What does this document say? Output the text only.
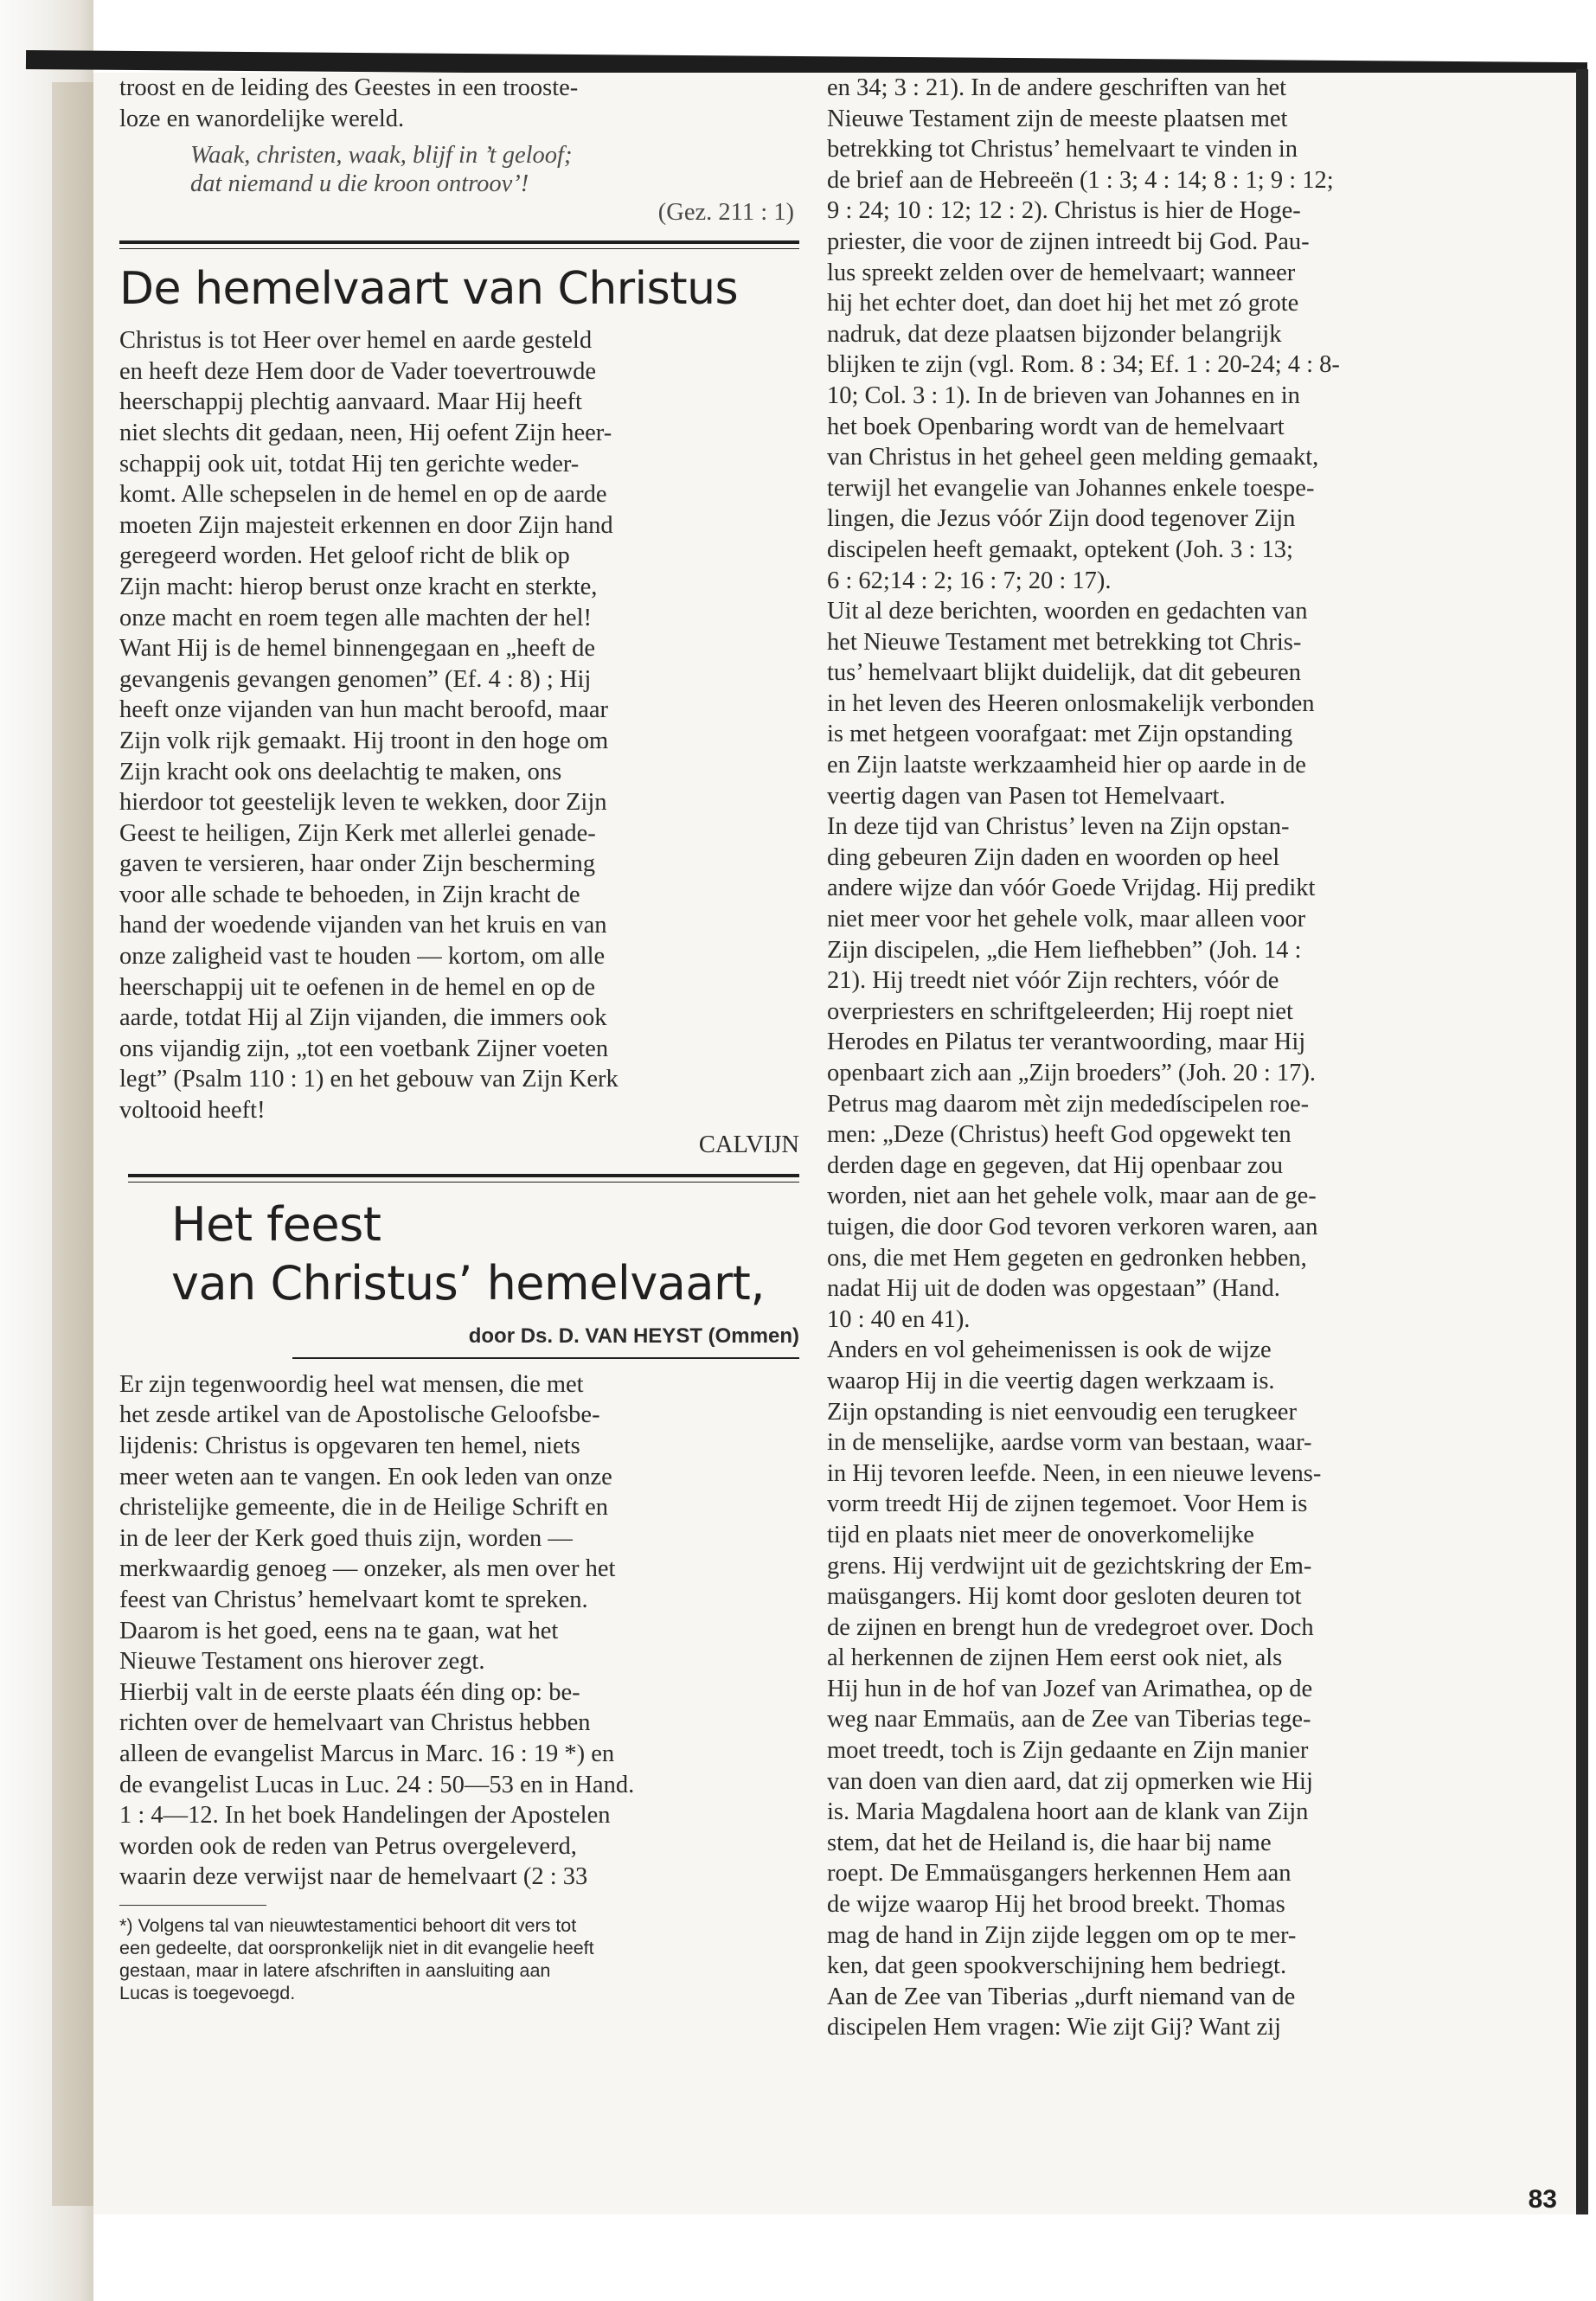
troost en de leiding des Geestes in een trooste-
loze en wanordelijke wereld.
Waak, christen, waak, blijf in ’t geloof;
dat niemand u die kroon ontroov’!

(Gez. 211 : 1)

De hemelvaart van Christus

Christus is tot Heer over hemel en aarde gesteld
en heeft deze Hem door de Vader toevertrouwde
heerschappij plechtig aanvaard. Maar Hij heeft
niet slechts dit gedaan, neen, Hij oefent Zijn heer-
schappij ook uit, totdat Hij ten gerichte weder-
komt. Alle schepselen in de hemel en op de aarde
moeten Zijn majesteit erkennen en door Zijn hand
geregeerd worden. Het geloof richt de blik op
Zijn macht: hierop berust onze kracht en sterkte,
onze macht en roem tegen alle machten der hel!
Want Hij is de hemel binnengegaan en „heeft de
gevangenis gevangen genomen” (Ef. 4 : 8) ; Hij
heeft onze vijanden van hun macht beroofd, maar
Zijn volk rijk gemaakt. Hij troont in den hoge om
Zijn kracht ook ons deelachtig te maken, ons
hierdoor tot geestelijk leven te wekken, door Zijn
Geest te heiligen, Zijn Kerk met allerlei genade-
gaven te versieren, haar onder Zijn bescherming
voor alle schade te behoeden, in Zijn kracht de
hand der woedende vijanden van het kruis en van
onze zaligheid vast te houden — kortom, om alle
heerschappij uit te oefenen in de hemel en op de
aarde, totdat Hij al Zijn vijanden, die immers ook
ons vijandig zijn, „tot een voetbank Zijner voeten
legt” (Psalm 110 : 1) en het gebouw van Zijn Kerk
voltooid heeft!

CALVIJN

Het feest

van Christus’ hemelvaart,

door Ds. D. VAN HEYST (Ommen)

Er zijn tegenwoordig heel wat mensen, die met
het zesde artikel van de Apostolische Geloofsbe-
lijdenis: Christus is opgevaren ten hemel, niets
meer weten aan te vangen. En ook leden van onze
christelijke gemeente, die in de Heilige Schrift en
in de leer der Kerk goed thuis zijn, worden —
merkwaardig genoeg — onzeker, als men over het
feest van Christus’ hemelvaart komt te spreken.
Daarom is het goed, eens na te gaan, wat het
Nieuwe Testament ons hierover zegt.
Hierbij valt in de eerste plaats één ding op: be-
richten over de hemelvaart van Christus hebben
alleen de evangelist Marcus in Marc. 16 : 19 *) en
de evangelist Lucas in Luc. 24 : 50—53 en in Hand.
1 : 4—12. In het boek Handelingen der Apostelen
worden ook de reden van Petrus overgeleverd,
waarin deze verwijst naar de hemelvaart (2 : 33
*) Volgens tal van nieuwtestamentici behoort dit vers tot
een gedeelte, dat oorspronkelijk niet in dit evangelie heeft
gestaan, maar in latere afschriften in aansluiting aan
Lucas is toegevoegd.
en 34; 3 : 21). In de andere geschriften van het
Nieuwe Testament zijn de meeste plaatsen met
betrekking tot Christus’ hemelvaart te vinden in
de brief aan de Hebreeën (1 : 3; 4 : 14; 8 : 1; 9 : 12;
9 : 24; 10 : 12; 12 : 2). Christus is hier de Hoge-
priester, die voor de zijnen intreedt bij God. Pau-
lus spreekt zelden over de hemelvaart; wanneer
hij het echter doet, dan doet hij het met zó grote
nadruk, dat deze plaatsen bijzonder belangrijk
blijken te zijn (vgl. Rom. 8 : 34; Ef. 1 : 20-24; 4 : 8-
10; Col. 3 : 1). In de brieven van Johannes en in
het boek Openbaring wordt van de hemelvaart
van Christus in het geheel geen melding gemaakt,
terwijl het evangelie van Johannes enkele toespe-
lingen, die Jezus vóór Zijn dood tegenover Zijn
discipelen heeft gemaakt, optekent (Joh. 3 : 13;
6 : 62;14 : 2; 16 : 7; 20 : 17).
Uit al deze berichten, woorden en gedachten van
het Nieuwe Testament met betrekking tot Chris-
tus’ hemelvaart blijkt duidelijk, dat dit gebeuren
in het leven des Heeren onlosmakelijk verbonden
is met hetgeen voorafgaat: met Zijn opstanding
en Zijn laatste werkzaamheid hier op aarde in de
veertig dagen van Pasen tot Hemelvaart.
In deze tijd van Christus’ leven na Zijn opstan-
ding gebeuren Zijn daden en woorden op heel
andere wijze dan vóór Goede Vrijdag. Hij predikt
niet meer voor het gehele volk, maar alleen voor
Zijn discipelen, „die Hem liefhebben” (Joh. 14 :
21). Hij treedt niet vóór Zijn rechters, vóór de
overpriesters en schriftgeleerden; Hij roept niet
Herodes en Pilatus ter verantwoording, maar Hij
openbaart zich aan „Zijn broeders” (Joh. 20 : 17).
Petrus mag daarom mèt zijn mededíscipelen roe-
men: „Deze (Christus) heeft God opgewekt ten
derden dage en gegeven, dat Hij openbaar zou
worden, niet aan het gehele volk, maar aan de ge-
tuigen, die door God tevoren verkoren waren, aan
ons, die met Hem gegeten en gedronken hebben,
nadat Hij uit de doden was opgestaan” (Hand.
10 : 40 en 41).
Anders en vol geheimenissen is ook de wijze
waarop Hij in die veertig dagen werkzaam is.
Zijn opstanding is niet eenvoudig een terugkeer
in de menselijke, aardse vorm van bestaan, waar-
in Hij tevoren leefde. Neen, in een nieuwe levens-
vorm treedt Hij de zijnen tegemoet. Voor Hem is
tijd en plaats niet meer de onoverkomelijke
grens. Hij verdwijnt uit de gezichtskring der Em-
maüsgangers. Hij komt door gesloten deuren tot
de zijnen en brengt hun de vredegroet over. Doch
al herkennen de zijnen Hem eerst ook niet, als
Hij hun in de hof van Jozef van Arimathea, op de
weg naar Emmaüs, aan de Zee van Tiberias tege-
moet treedt, toch is Zijn gedaante en Zijn manier
van doen van dien aard, dat zij opmerken wie Hij
is. Maria Magdalena hoort aan de klank van Zijn
stem, dat het de Heiland is, die haar bij name
roept. De Emmaüsgangers herkennen Hem aan
de wijze waarop Hij het brood breekt. Thomas
mag de hand in Zijn zijde leggen om op te mer-
ken, dat geen spookverschijning hem bedriegt.
Aan de Zee van Tiberias „durft niemand van de
discipelen Hem vragen: Wie zijt Gij? Want zij
83
